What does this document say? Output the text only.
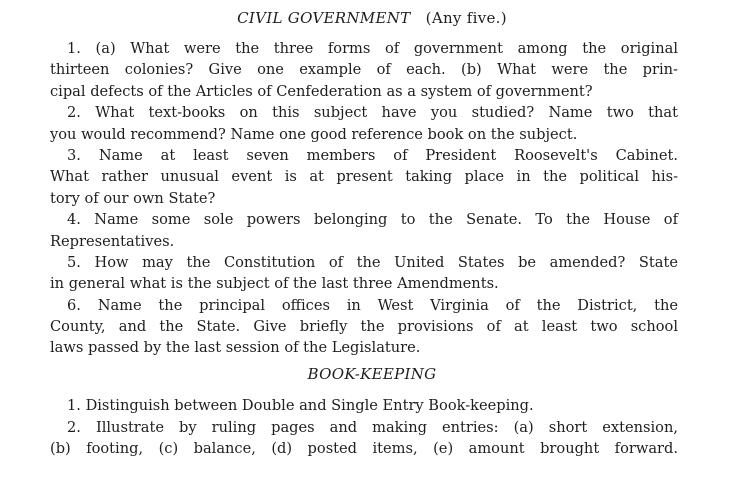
CIVIL GOVERNMENT (Any five.)
1. (a) What were the three forms of government among the original
thirteen colonies? Give one example of each. (b) What were the prin-
cipal defects of the Articles of Cenfederation as a system of government?
2. What text-books on this subject have you studied? Name two that
you would recommend? Name one good reference book on the subject.
3. Name at least seven members of President Roosevelt's Cabinet.
What rather unusual event is at present taking place in the political his-
tory of our own State?
4. Name some sole powers belonging to the Senate. To the House of
Representatives.
5. How may the Constitution of the United States be amended? State
in general what is the subject of the last three Amendments.
6. Name the principal offices in West Virginia of the District, the
County, and the State. Give briefly the provisions of at least two school
laws passed by the last session of the Legislature.
BOOK-KEEPING
1. Distinguish between Double and Single Entry Book-keeping.
2. Illustrate by ruling pages and making entries: (a) short extension,
(b) footing, (c) balance, (d) posted items, (e) amount brought forward.
